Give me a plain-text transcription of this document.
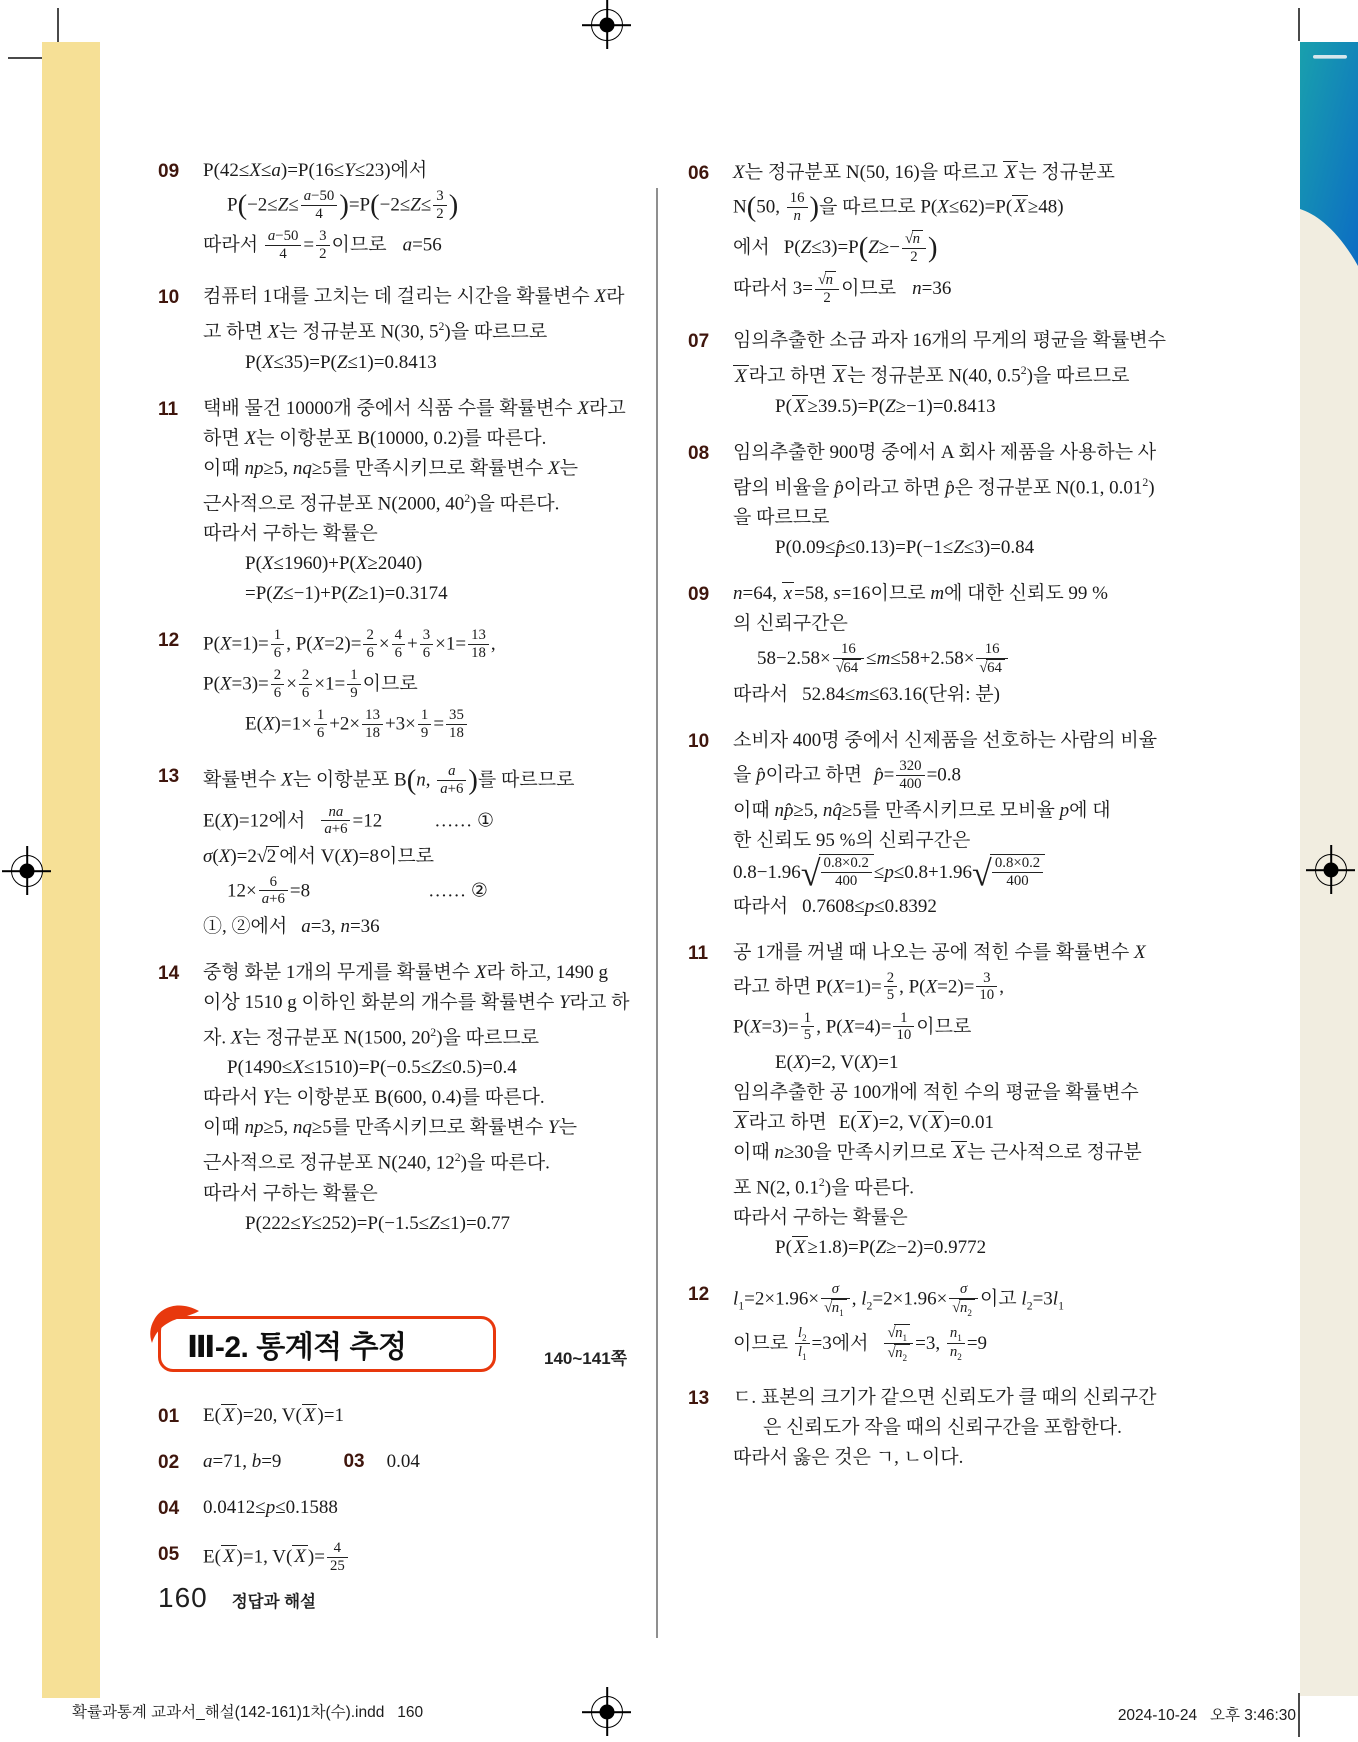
09	P(42≤X≤a)=P(16≤Y≤23)에서
$P(-2\le Z\le \frac{a-50}{4} )=P(-2\le Z\le \frac{3}{2}$ )
따라서 $\frac{a-50}{4} = \frac{3}{2}$ 이므로 a=56
10	컴퓨터 1대를 고치는 데 걸리는 시간을 확률변수 X라
고 하면 X는 정규분포 N(30, $5^2$)을 따르므로
P(X≤35)=P(Z≤1)=0.8413
11	택배 물건 10000개 중에서 식품 수를 확률변수 X라고
하면 X는 이항분포 B(10000, 0.2)를 따른다.
이때 np≥5, nq≥5를 만족시키므로 확률변수 X는
근사적으로 정규분포 N(2000, $40^2$)을 따른다.
따라서 구하는 확률은
P(X≤1960)+P(X≥2040)
=P(Z≤−1)+P(Z≥1)=0.3174
12	$P(X=1)= \frac{1}{6}$ , $P(X=2)= \frac{2}{6} \times \frac{4}{6} + \frac{3}{6} \times 1= \frac{13}{18}$ ,
$P(X=3)= \frac{2}{6} \times \frac{2}{6} \times 1= \frac{1}{9}$ 이므로
$E(X)=1\times \frac{1}{6} +2\times \frac{13}{18} +3\times \frac{1}{9} = \frac{35}{18}$
13	확률변수 X는 이항분포 B(n, $\frac{a}{a+6}$ )를 따르므로
E(X)=12에서 $\frac{na}{a+6} =12$	…… ①
σ(X)=2√2 에서 V(X)=8이므로
$12\times \frac{6}{a+6} =8$	…… ②
①, ②에서 a=3, n=36
14	중형 화분 1개의 무게를 확률변수 X라 하고, 1490 g
이상 1510 g 이하인 화분의 개수를 확률변수 Y라고 하
자. X는 정규분포 N(1500, $20^2$)을 따르므로
P(1490≤X≤1510)=P(−0.5≤Z≤0.5)=0.4
따라서 Y는 이항분포 B(600, 0.4)를 따른다.
이때 np≥5, nq≥5를 만족시키므로 확률변수 Y는
근사적으로 정규분포 N(240, $12^2$)을 따른다.
따라서 구하는 확률은
P(222≤Y≤252)=P(−1.5≤Z≤1)=0.77
06	X는 정규분포 N(50, 16)을 따르고 X 는 정규분포
N(50, $\frac{16}{n}$ )을 따르므로 P(X≤62)=P( X ≥48)
에서 $P(Z\le 3)=P(Z\ge- \frac{√n}{2}$ )
따라서 $3= \frac{√n}{2}$ 이므로 n=36
07	임의추출한 소금 과자 16개의 무게의 평균을 확률변수
X 라고 하면 X 는 정규분포 N(40, $0.5^2$)을 따르므로
P( X ≥39.5)=P(Z≥−1)=0.8413
08	임의추출한 900명 중에서 A 회사 제품을 사용하는 사
람의 비율을 p̂이라고 하면 p̂은 정규분포 N(0.1, 0.01$^2$)
을 따르므로
P(0.09≤p̂≤0.13)=P(−1≤Z≤3)=0.84
09	n=64, x =58, s=16이므로 m에 대한 신뢰도 99 %
의 신뢰구간은
$58-2.58\times \frac{16}{√64} \le m\le 58+2.58\times \frac{16}{√64}$
따라서 52.84≤m≤63.16(단위: 분)
10	소비자 400명 중에서 신제품을 선호하는 사람의 비율
을 p̂이라고 하면 p̂= $\frac{320}{400} =0.8$
이때 np̂≥5, nq̂≥5를 만족시키므로 모비율 p에 대
한 신뢰도 95 %의 신뢰구간은
0.8−1.96√ 0.8×0.2
400 ≤p≤0.8+1.96√ 0.8×0.2
400
따라서 0.7608≤p≤0.8392
11	공 1개를 꺼낼 때 나오는 공에 적힌 수를 확률변수 X
라고 하면 $P(X=1)= \frac{2}{5}$ , $P(X=2)= \frac{3}{10}$ ,
$P(X=3)= \frac{1}{5}$ , $P(X=4)= \frac{1}{10}$ 이므로
E(X)=2, V(X)=1
임의추출한 공 100개에 적힌 수의 평균을 확률변수
X 라고 하면 E( X )=2, V( X )=0.01
이때 n≥30을 만족시키므로 X 는 근사적으로 정규분
포 N(2, $0.1^2$)을 따른다.
따라서 구하는 확률은
P( X ≥1.8)=P(Z≥−2)=0.9772
12	$l_1=2\times 1.96\times \frac{\sigma}{√n_1}$ , $l_2=2\times 1.96\times \frac{\sigma}{√n_2}$ 이고 $l_2=3l_1$
이므로 $\frac{l_2}{l_1} =3$에서 $\frac{√n_1}{√n_2} =3$, $\frac{n_1}{n_2} =9$
13	ㄷ. 표본의 크기가 같으면 신뢰도가 클 때의 신뢰구간
은 신뢰도가 작을 때의 신뢰구간을 포함한다.
따라서 옳은 것은 ㄱ, ㄴ이다.
Ⅲ-2. 통계적 추정	140~141쪽
01	E( X )=20, V( X )=1
02	a=71, b=9	03 0.04
04	0.0412≤p≤0.1588
05	E( X )=1, V( X )= $\frac{4}{25}$
160 정답과 해설
확률과통계 교과서_해설(142-161)1차(수).indd   160	2024-10-24   오후 3:46:30
